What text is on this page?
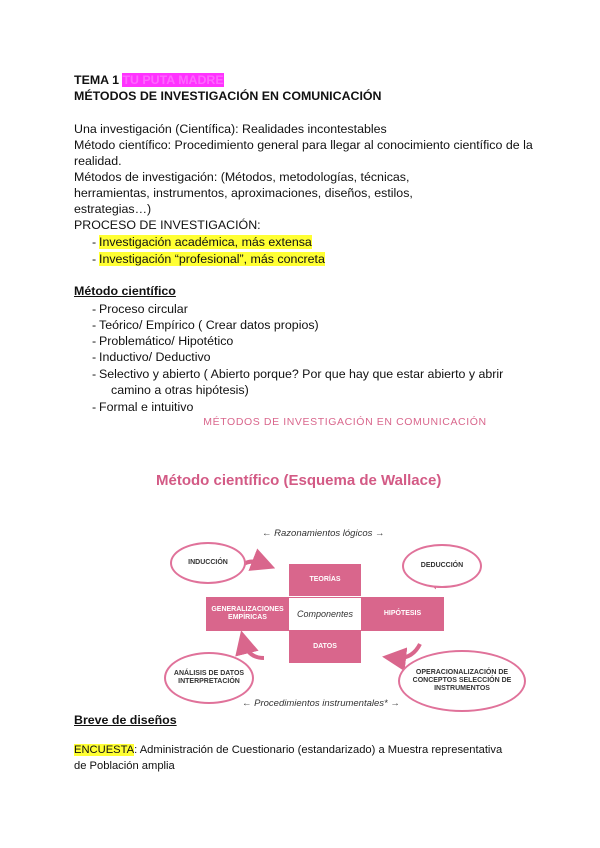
TEMA 1 TU PUTA MADRE
MÉTODOS DE INVESTIGACIÓN EN COMUNICACIÓN
Una investigación (Científica): Realidades incontestables
Método científico: Procedimiento general para llegar al conocimiento científico de la
realidad.
Métodos de investigación: (Métodos, metodologías, técnicas,
herramientas, instrumentos, aproximaciones, diseños, estilos,
estrategias…)
PROCESO DE INVESTIGACIÓN:
- Investigación académica, más extensa
- Investigación “profesional”, más concreta
Método científico
- Proceso circular
- Teórico/ Empírico ( Crear datos propios)
- Problemático/ Hipotético
- Inductivo/ Deductivo
- Selectivo y abierto ( Abierto porque? Por que hay que estar abierto y abrir
camino a otras hipótesis)
- Formal e intuitivo
MÉTODOS DE INVESTIGACIÓN EN COMUNICACIÓN
Método científico (Esquema de Wallace)
← Razonamientos lógicos →
TEORÍAS
GENERALIZACIONES EMPÍRICAS	Componentes	HIPÓTESIS
DATOS
INDUCCIÓN	DEDUCCIÓN
ANÁLISIS DE DATOS INTERPRETACIÓN
OPERACIONALIZACIÓN DE CONCEPTOS SELECCIÓN DE INSTRUMENTOS
← Procedimientos instrumentales* →
Breve de diseños
ENCUESTA: Administración de Cuestionario (estandarizado) a Muestra representativa
de Población amplia
